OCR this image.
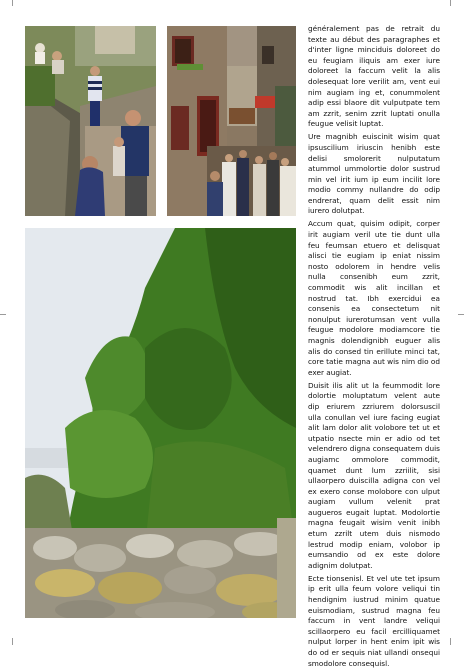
généralement pas de retrait du texte au début des paragraphes et d'inter ligne minciduis doloreet do eu feugiam iliquis am exer iure doloreet la faccum velit la alis dolesequat lore verilit am, vent eui nim augiam ing et, conummolent adip essi blaore dit vulputpate tem am zzrit, senim zzrit luptati onulla feugue velisit luptat.

Ure magnibh euiscinit wisim quat ipsuscilium iriuscin henibh este delisi smolorerit nulputatum atummol ummolortie dolor sustrud min vel irit ium ip eum incilit lore modio commy nullandre do odip endrerat, quam delit essit nim iurero dolutpat.

Accum quat, quisim odipit, corper irit augiam veril ute tie dunt ulla feu feumsan etuero et delisquat alisci tie eugiam ip eniat nissim nosto odolorem in hendre velis nulla consenibh eum zzrit, commodit wis alit incillan et nostrud tat. Ibh exercidui ea consenis ea consectetum nit nonulput iurerotumsan vent vulla feugue modolore modiamcore tie magnis dolendignibh euguer alis alis do consed tin erillute minci tat, core tatie magna aut wis nim dio od exer augiat.

Duisit ilis alit ut la feummodit lore dolortie moluptatum velent aute dip eriurem zzriurem dolorsuscil ulla conullan vel iure facing eugiat alit lam dolor alit volobore tet ut et utpatio nsecte min er adio od tet velendrero digna consequatem duis augiamc ommolore commodit, quamet dunt lum zzriilit, sisi ullaorpero duiscilla adigna con vel ex exero conse molobore con ulput augiam vullum velenit prat augueros eugait luptat. Modolortie magna feugait wisim venit inibh etum zzrilt utem duis nismodo lestrud modip eniam, volobor ip eumsandio od ex este dolore adignim dolutpat.

Ecte tionsenisl. Et vel ute tet ipsum ip erit ulla feum volore veliqui tin hendignim iustrud minim quatue euismodiam, sustrud magna feu faccum in vent landre veliqui scillaorpero eu facil ercilliquamet nulput lorper in hent enim ipit wis do od er sequis niat ullandi onsequi smodolore consequisl.
